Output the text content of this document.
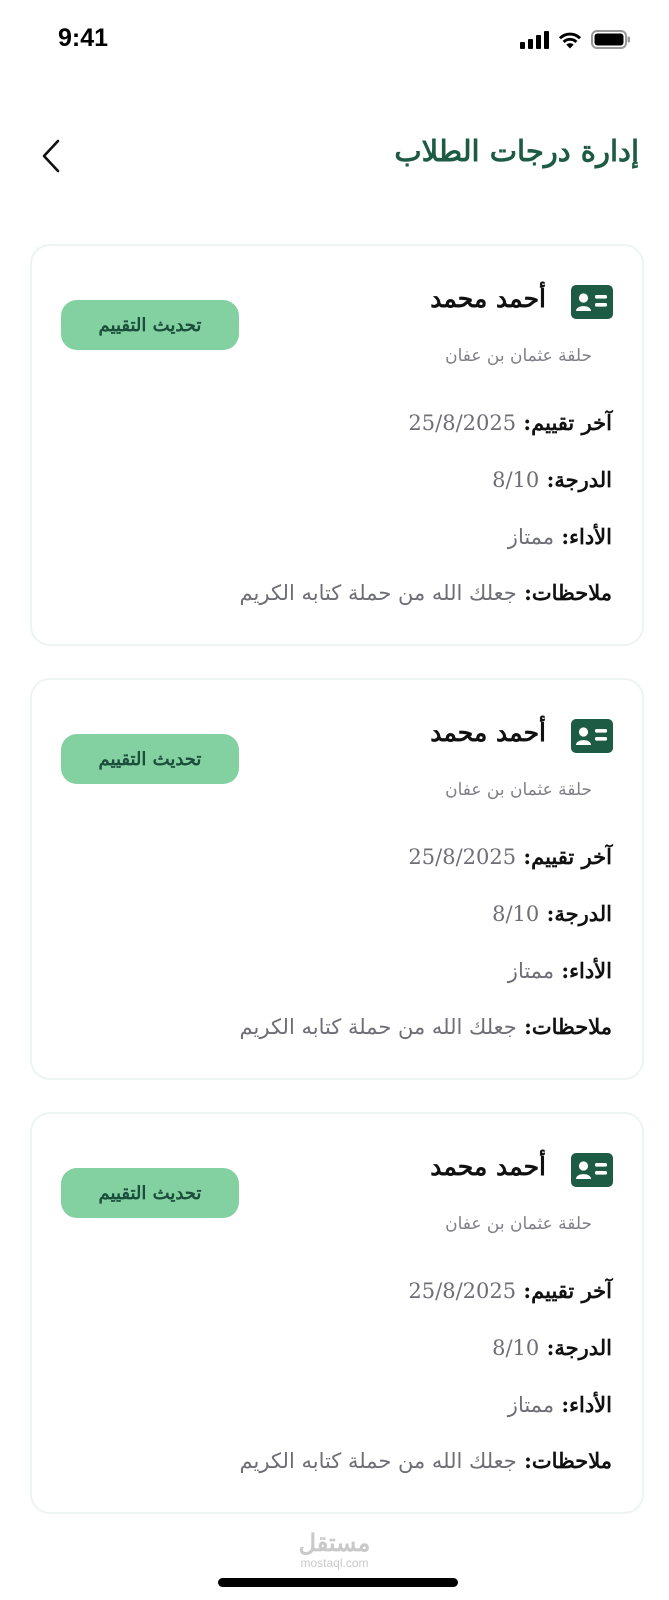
9:41
إدارة درجات الطلاب
أحمد محمد
حلقة عثمان بن عفان
تحديث التقييم
آخر تقييم: 25/8/2025
الدرجة: 8/10
الأداء: ممتاز
ملاحظات: جعلك الله من حملة كتابه الكريم
أحمد محمد
حلقة عثمان بن عفان
تحديث التقييم
آخر تقييم: 25/8/2025
الدرجة: 8/10
الأداء: ممتاز
ملاحظات: جعلك الله من حملة كتابه الكريم
أحمد محمد
حلقة عثمان بن عفان
تحديث التقييم
آخر تقييم: 25/8/2025
الدرجة: 8/10
الأداء: ممتاز
ملاحظات: جعلك الله من حملة كتابه الكريم
مستقل
mostaql.com
